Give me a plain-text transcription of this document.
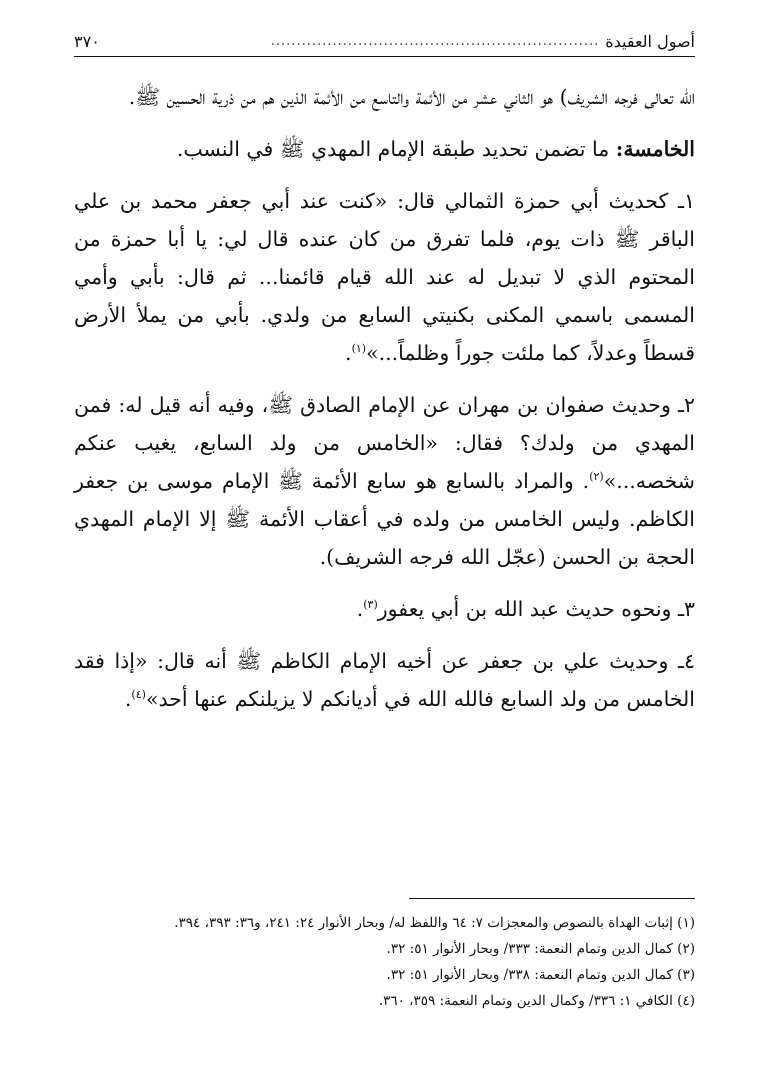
أصول العقيدة
................................................................
٣٧٠

الله تعالى فرجه الشريف) هو الثاني عشر من الأئمة والتاسع من الأئمة الذين هم من ذرية الحسين ﷺ.

الخامسة: ما تضمن تحديد طبقة الإمام المهدي ﷺ في النسب.

١ـ كحديث أبي حمزة الثمالي قال: «كنت عند أبي جعفر محمد بن علي الباقر ﷺ ذات يوم، فلما تفرق من كان عنده قال لي: يا أبا حمزة من المحتوم الذي لا تبديل له عند الله قيام قائمنا... ثم قال: بأبي وأمي المسمى باسمي المكنى بكنيتي السابع من ولدي. بأبي من يملأ الأرض قسطاً وعدلاً، كما ملئت جوراً وظلماً...»$^{(١)}$.

٢ـ وحديث صفوان بن مهران عن الإمام الصادق ﷺ، وفيه أنه قيل له: فمن المهدي من ولدك؟ فقال: «الخامس من ولد السابع، يغيب عنكم شخصه...»$^{(٢)}$. والمراد بالسابع هو سابع الأئمة ﷺ الإمام موسى بن جعفر الكاظم. وليس الخامس من ولده في أعقاب الأئمة ﷺ إلا الإمام المهدي الحجة بن الحسن (عجّل الله فرجه الشريف).

٣ـ ونحوه حديث عبد الله بن أبي يعفور$^{(٣)}$.

٤ـ وحديث علي بن جعفر عن أخيه الإمام الكاظم ﷺ أنه قال: «إذا فقد الخامس من ولد السابع فالله الله في أديانكم لا يزيلنكم عنها أحد»$^{(٤)}$.

(١) إثبات الهداة بالنصوص والمعجزات ٧: ٦٤ واللفظ له/ وبحار الأنوار ٢٤: ٢٤١، و٣٦: ٣٩٣، ٣٩٤.
(٢) كمال الدين وتمام النعمة: ٣٣٣/ وبحار الأنوار ٥١: ٣٢.
(٣) كمال الدين وتمام النعمة: ٣٣٨/ وبحار الأنوار ٥١: ٣٢.
(٤) الكافي ١: ٣٣٦/ وكمال الدين وتمام النعمة: ٣٥٩، ٣٦٠.
